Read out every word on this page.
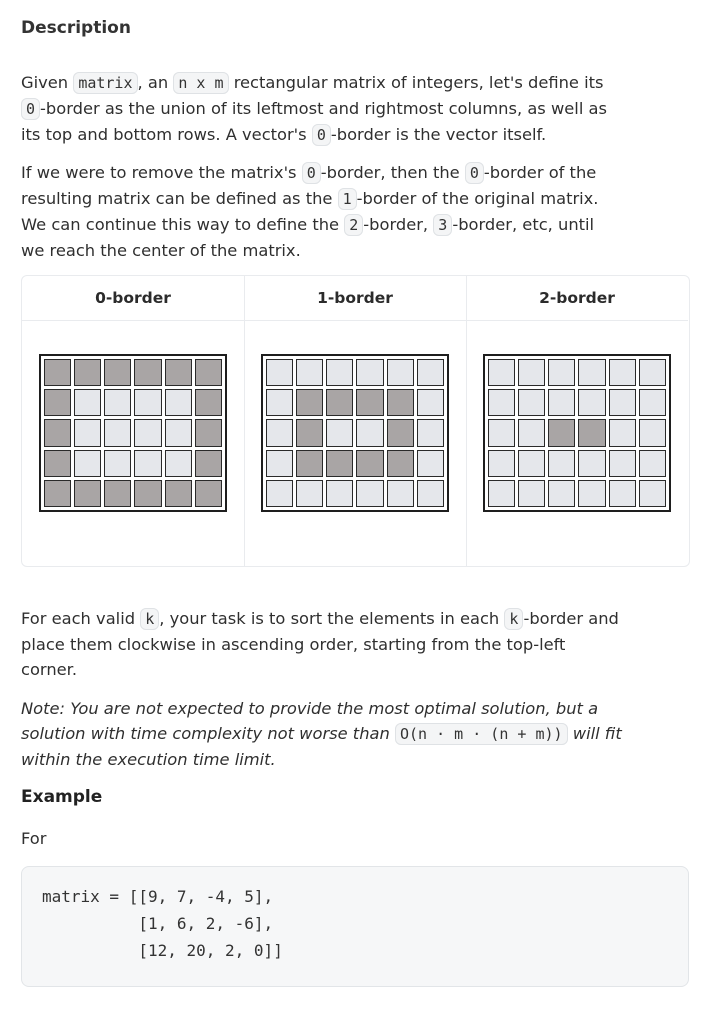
Description
Given matrix , an n x m rectangular matrix of integers, let's define its
0 -border as the union of its leftmost and rightmost columns, as well as
its top and bottom rows. A vector's 0 -border is the vector itself.
If we were to remove the matrix's 0 -border, then the 0 -border of the
resulting matrix can be defined as the 1 -border of the original matrix.
We can continue this way to define the 2 -border, 3 -border, etc, until
we reach the center of the matrix.
0-border	1-border	2-border
For each valid k , your task is to sort the elements in each k -border and
place them clockwise in ascending order, starting from the top-left
corner.
Note: You are not expected to provide the most optimal solution, but a
solution with time complexity not worse than O(n · m · (n + m)) will fit
within the execution time limit.
Example
For
matrix = [[9, 7, -4, 5],
[1, 6, 2, -6],
[12, 20, 2, 0]]
